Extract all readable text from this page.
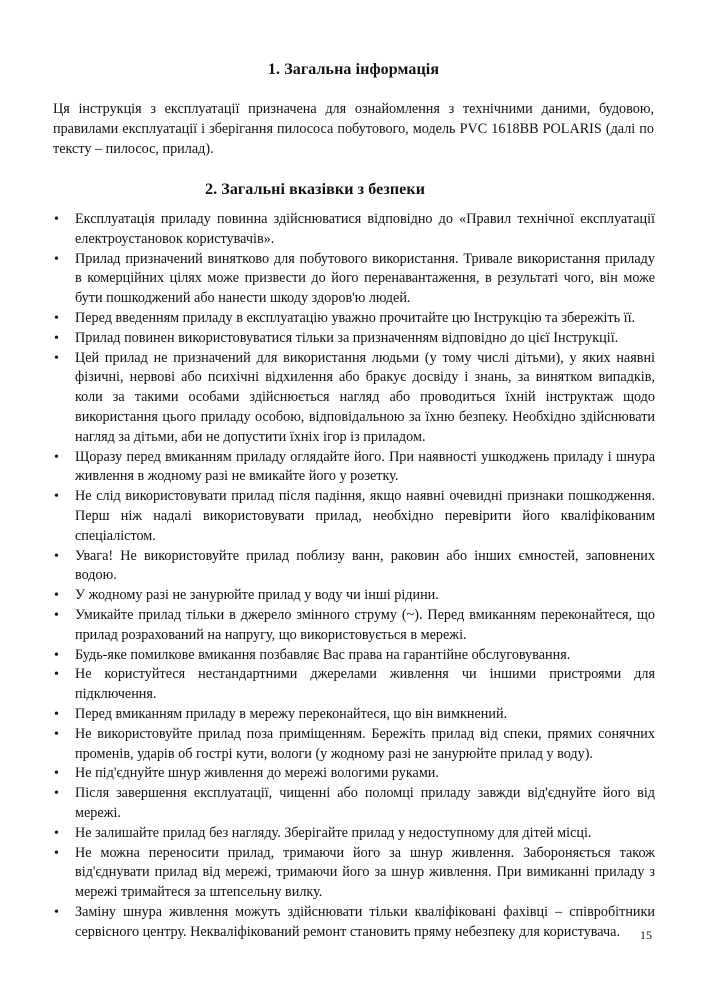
1. Загальна інформація

Ця інструкція з експлуатації призначена для ознайомлення з технічними даними, будовою, правилами експлуатації і зберігання пилососа побутового, модель PVC 1618BB POLARIS (далі по тексту – пилосос, прилад).

2. Загальні вказівки з безпеки
•	Експлуатація приладу повинна здійснюватися відповідно до «Правил технічної експлуатації електроустановок користувачів».
•	Прилад призначений винятково для побутового використання. Тривале використання приладу в комерційних цілях може призвести до його перенавантаження, в результаті чого, він може бути пошкоджений або нанести шкоду здоров'ю людей.
•	Перед введенням приладу в експлуатацію уважно прочитайте цю Інструкцію та збережіть її.
•	Прилад повинен використовуватися тільки за призначенням відповідно до цієї Інструкції.
•	Цей прилад не призначений для використання людьми (у тому числі дітьми), у яких наявні фізичні, нервові або психічні відхилення або бракує досвіду і знань, за винятком випадків, коли за такими особами здійснюється нагляд або проводиться їхній інструктаж щодо використання цього приладу особою, відповідальною за їхню безпеку. Необхідно здійснювати нагляд за дітьми, аби не допустити їхніх ігор із приладом.
•	Щоразу перед вмиканням приладу оглядайте його. При наявності ушкоджень приладу і шнура живлення в жодному разі не вмикайте його у розетку.
•	Не слід використовувати прилад після падіння, якщо наявні очевидні признаки пошкодження. Перш ніж надалі використовувати прилад, необхідно перевірити його кваліфікованим спеціалістом.
•	Увага! Не використовуйте прилад поблизу ванн, раковин або інших ємностей, заповнених водою.
•	У жодному разі не занурюйте прилад у воду чи інші рідини.
•	Умикайте прилад тільки в джерело змінного струму (~). Перед вмиканням переконайтеся, що прилад розрахований на напругу, що використовується в мережі.
•	Будь-яке помилкове вмикання позбавляє Вас права на гарантійне обслуговування.
•	Не користуйтеся нестандартними джерелами живлення чи іншими пристроями для підключення.
•	Перед вмиканням приладу в мережу переконайтеся, що він вимкнений.
•	Не використовуйте прилад поза приміщенням. Бережіть прилад від спеки, прямих сонячних променів, ударів об гострі кути, вологи (у жодному разі не занурюйте прилад у воду).
•	Не під'єднуйте шнур живлення до мережі вологими руками.
•	Після завершення експлуатації, чищенні або поломці приладу завжди від'єднуйте його від мережі.
•	Не залишайте прилад без нагляду. Зберігайте прилад у недоступному для дітей місці.
•	Не можна переносити прилад, тримаючи його за шнур живлення. Забороняється також від'єднувати прилад від мережі, тримаючи його за шнур живлення. При вимиканні приладу з мережі тримайтеся за штепсельну вилку.
•	Заміну шнура живлення можуть здійснювати тільки кваліфіковані фахівці – співробітники сервісного центру. Некваліфікований ремонт становить пряму небезпеку для користувача.	15
